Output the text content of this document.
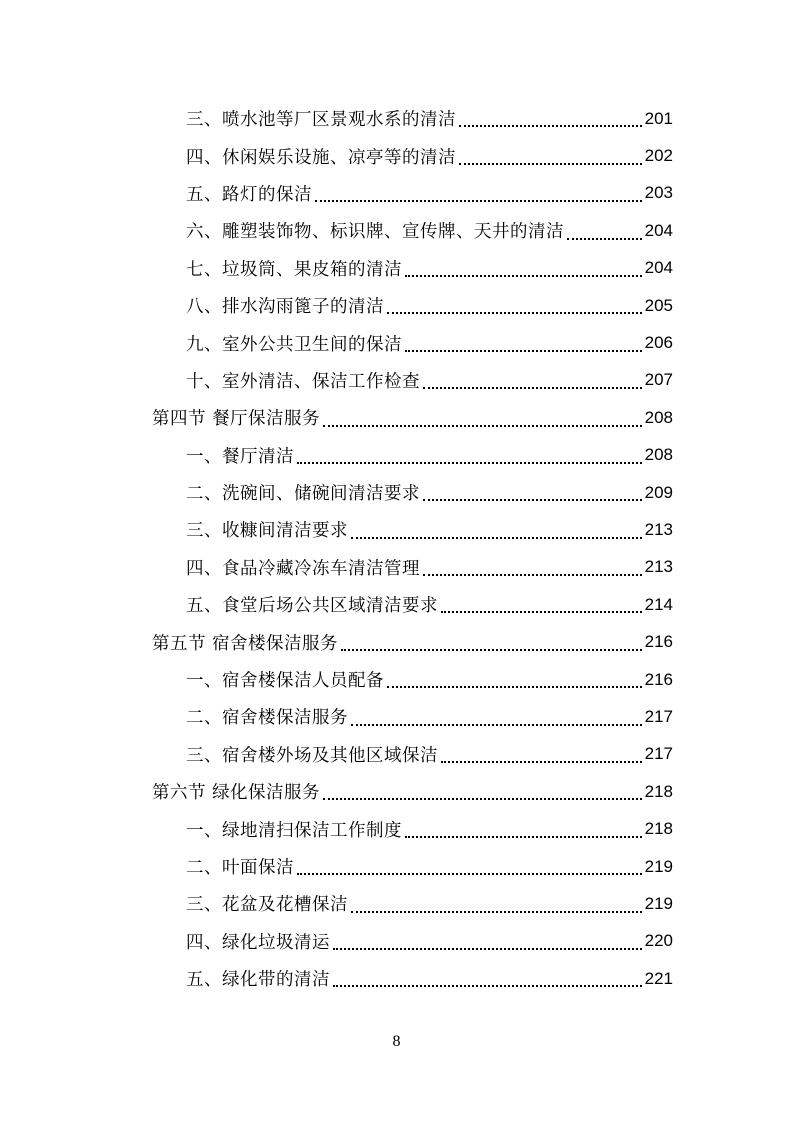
三、喷水池等厂区景观水系的清洁	201
四、休闲娱乐设施、凉亭等的清洁	202
五、路灯的保洁	203
六、雕塑装饰物、标识牌、宣传牌、天井的清洁	204
七、垃圾筒、果皮箱的清洁	204
八、排水沟雨篦子的清洁	205
九、室外公共卫生间的保洁	206
十、室外清洁、保洁工作检查	207
第四节 餐厅保洁服务	208
一、餐厅清洁	208
二、洗碗间、储碗间清洁要求	209
三、收糠间清洁要求	213
四、食品冷藏冷冻车清洁管理	213
五、食堂后场公共区域清洁要求	214
第五节 宿舍楼保洁服务	216
一、宿舍楼保洁人员配备	216
二、宿舍楼保洁服务	217
三、宿舍楼外场及其他区域保洁	217
第六节 绿化保洁服务	218
一、绿地清扫保洁工作制度	218
二、叶面保洁	219
三、花盆及花槽保洁	219
四、绿化垃圾清运	220
五、绿化带的清洁	221
8
